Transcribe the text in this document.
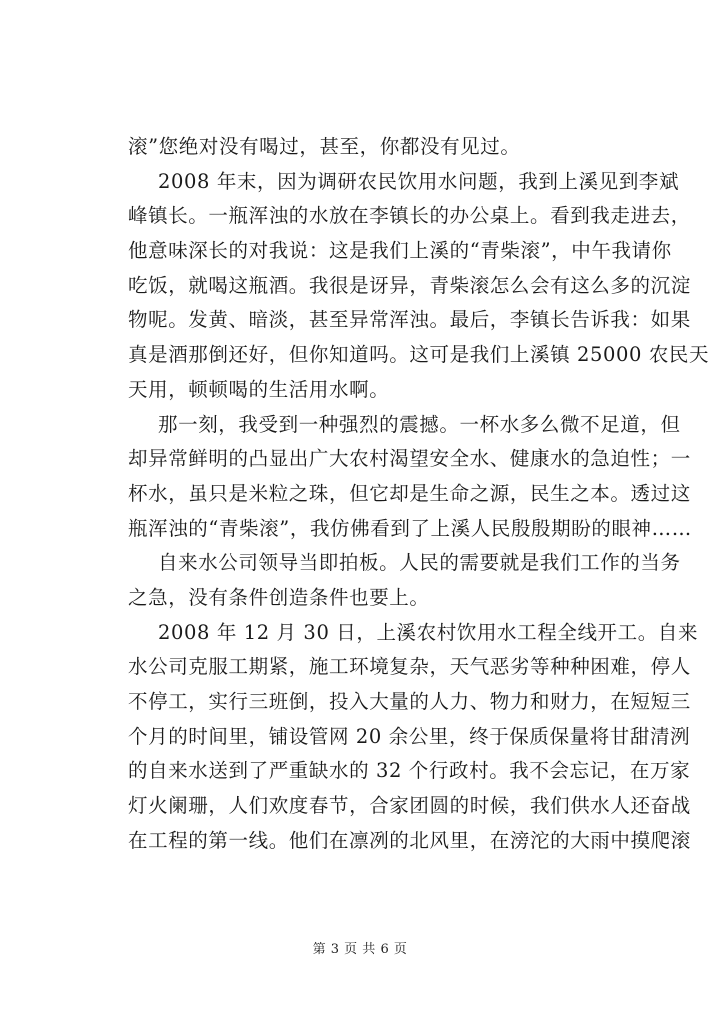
滚”您绝对没有喝过，甚至，你都没有见过。
2008 年末，因为调研农民饮用水问题，我到上溪见到李斌
峰镇长。一瓶浑浊的水放在李镇长的办公桌上。看到我走进去，
他意味深长的对我说：这是我们上溪的“青柴滚”，中午我请你
吃饭，就喝这瓶酒。我很是讶异，青柴滚怎么会有这么多的沉淀
物呢。发黄、暗淡，甚至异常浑浊。最后，李镇长告诉我：如果
真是酒那倒还好，但你知道吗。这可是我们上溪镇 25000 农民天
天用，顿顿喝的生活用水啊。
那一刻，我受到一种强烈的震撼。一杯水多么微不足道，但
却异常鲜明的凸显出广大农村渴望安全水、健康水的急迫性；一
杯水，虽只是米粒之珠，但它却是生命之源，民生之本。透过这
瓶浑浊的“青柴滚”，我仿佛看到了上溪人民殷殷期盼的眼神……
自来水公司领导当即拍板。人民的需要就是我们工作的当务
之急，没有条件创造条件也要上。
2008 年 12 月 30 日，上溪农村饮用水工程全线开工。自来
水公司克服工期紧，施工环境复杂，天气恶劣等种种困难，停人
不停工，实行三班倒，投入大量的人力、物力和财力，在短短三
个月的时间里，铺设管网 20 余公里，终于保质保量将甘甜清洌
的自来水送到了严重缺水的 32 个行政村。我不会忘记，在万家
灯火阑珊，人们欢度春节，合家团圆的时候，我们供水人还奋战
在工程的第一线。他们在凛冽的北风里，在滂沱的大雨中摸爬滚
第 3 页 共 6 页
